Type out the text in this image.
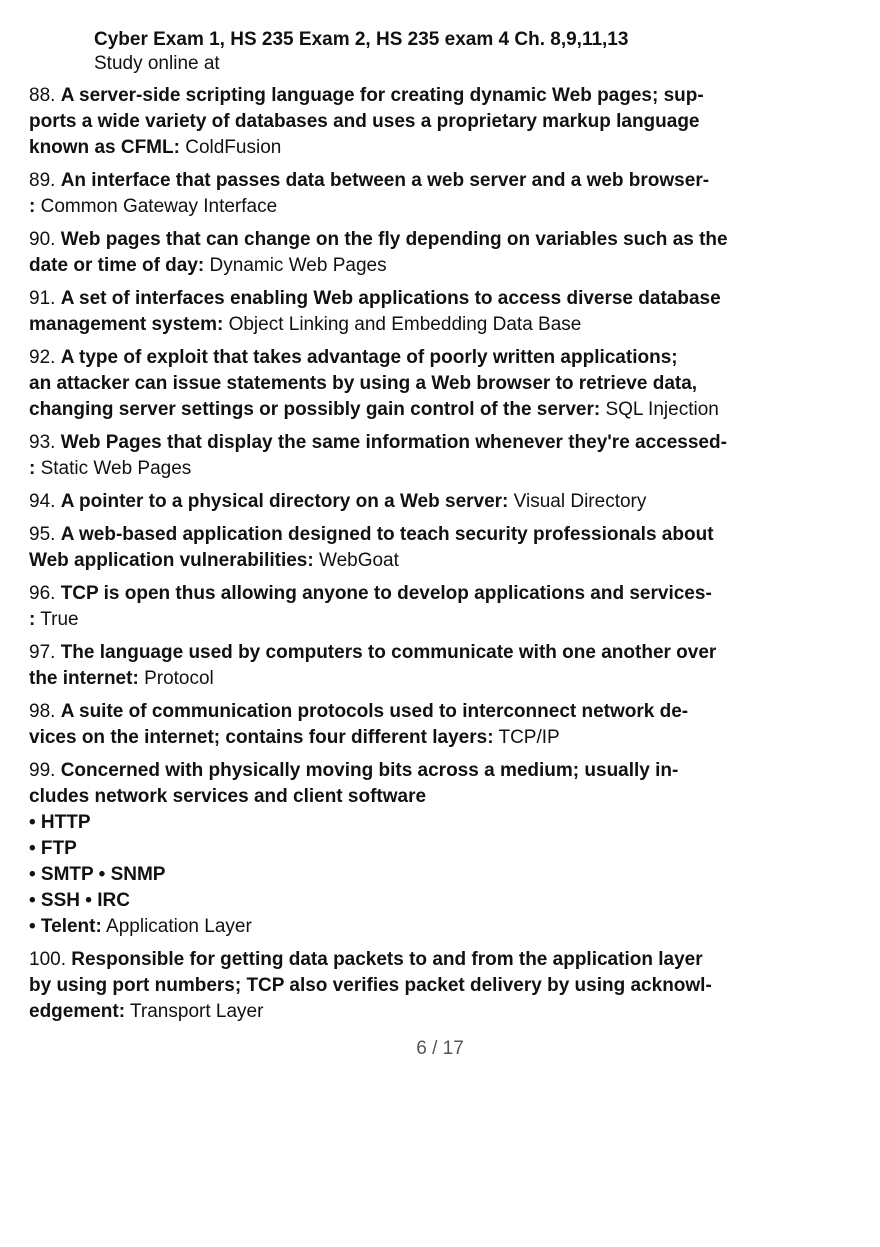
Cyber Exam 1, HS 235 Exam 2, HS 235 exam 4 Ch. 8,9,11,13
Study online at
88. A server-side scripting language for creating dynamic Web pages; sup-
ports a wide variety of databases and uses a proprietary markup language
known as CFML: ColdFusion
89. An interface that passes data between a web server and a web browser-
: Common Gateway Interface
90. Web pages that can change on the fly depending on variables such as the
date or time of day: Dynamic Web Pages
91. A set of interfaces enabling Web applications to access diverse database
management system: Object Linking and Embedding Data Base
92. A type of exploit that takes advantage of poorly written applications;
an attacker can issue statements by using a Web browser to retrieve data,
changing server settings or possibly gain control of the server: SQL Injection
93. Web Pages that display the same information whenever they're accessed-
: Static Web Pages
94. A pointer to a physical directory on a Web server: Visual Directory
95. A web-based application designed to teach security professionals about
Web application vulnerabilities: WebGoat
96. TCP is open thus allowing anyone to develop applications and services-
: True
97. The language used by computers to communicate with one another over
the internet: Protocol
98. A suite of communication protocols used to interconnect network de-
vices on the internet; contains four different layers: TCP/IP
99. Concerned with physically moving bits across a medium; usually in-
cludes network services and client software
• HTTP
• FTP
• SMTP • SNMP
• SSH • IRC
• Telent: Application Layer
100. Responsible for getting data packets to and from the application layer
by using port numbers; TCP also verifies packet delivery by using acknowl-
edgement: Transport Layer
6 / 17
